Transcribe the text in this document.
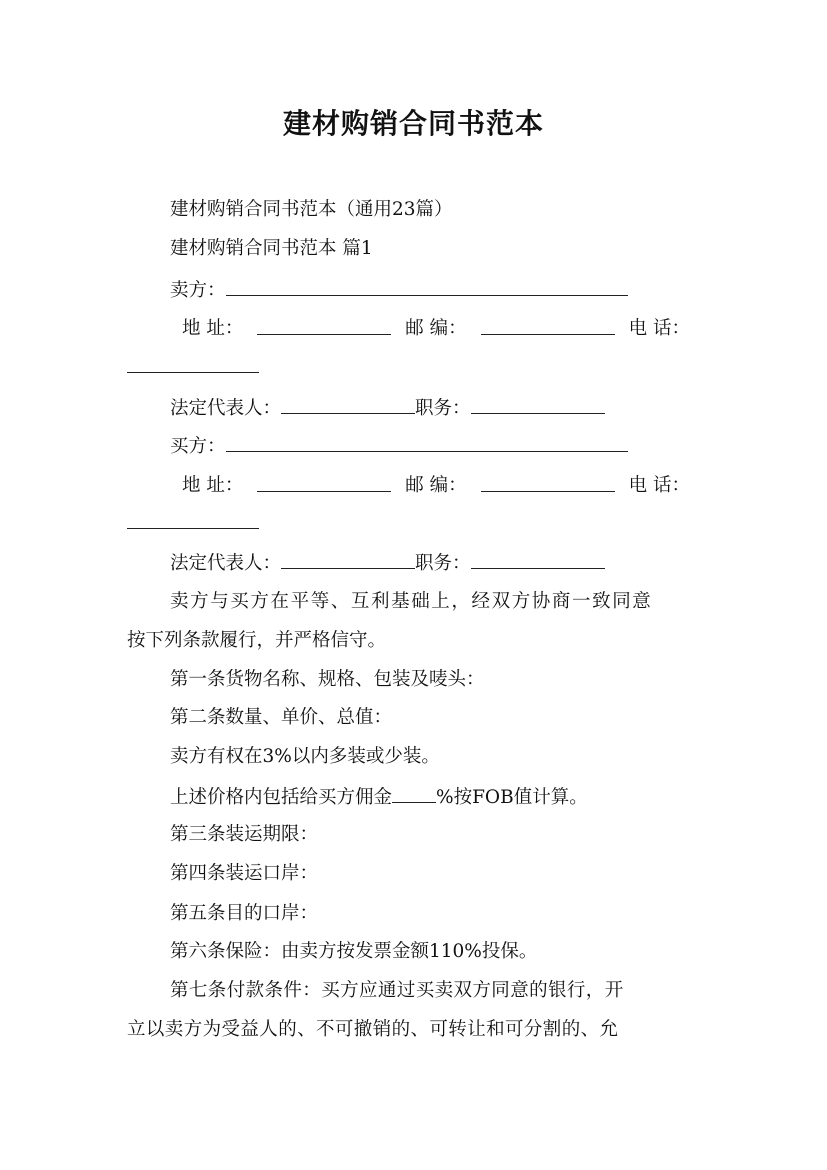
建材购销合同书范本
建材购销合同书范本（通用23篇）
建材购销合同书范本 篇1
卖方：
地 址：	邮 编：	电 话：
法定代表人：	职务：
买方：
地 址：	邮 编：	电 话：
法定代表人：	职务：
卖方与买方在平等、互利基础上，经双方协商一致同意
按下列条款履行，并严格信守。
第一条货物名称、规格、包装及唛头：
第二条数量、单价、总值：
卖方有权在3%以内多装或少装。
上述价格内包括给买方佣金 %按FOB值计算。
第三条装运期限：
第四条装运口岸：
第五条目的口岸：
第六条保险：由卖方按发票金额110%投保。
第七条付款条件：买方应通过买卖双方同意的银行，开
立以卖方为受益人的、不可撤销的、可转让和可分割的、允
